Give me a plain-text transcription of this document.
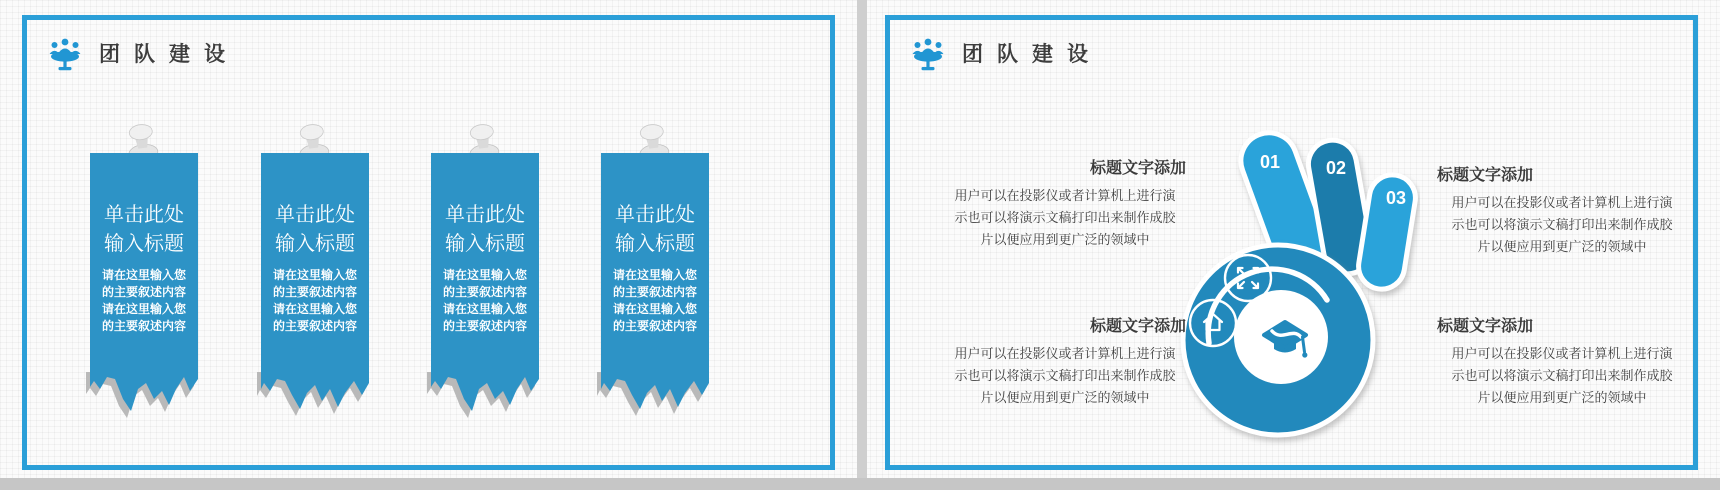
团队建设
单击此处
输入标题
请在这里输入您
的主要叙述内容
请在这里输入您
的主要叙述内容
单击此处
输入标题
请在这里输入您
的主要叙述内容
请在这里输入您
的主要叙述内容
单击此处
输入标题
请在这里输入您
的主要叙述内容
请在这里输入您
的主要叙述内容
单击此处
输入标题
请在这里输入您
的主要叙述内容
请在这里输入您
的主要叙述内容
团队建设
01	02
03
标题文字添加
用户可以在投影仪或者计算机上进行演
示也可以将演示文稿打印出来制作成胶
片以便应用到更广泛的领域中
标题文字添加
用户可以在投影仪或者计算机上进行演
示也可以将演示文稿打印出来制作成胶
片以便应用到更广泛的领域中
标题文字添加
用户可以在投影仪或者计算机上进行演
示也可以将演示文稿打印出来制作成胶
片以便应用到更广泛的领域中
标题文字添加
用户可以在投影仪或者计算机上进行演
示也可以将演示文稿打印出来制作成胶
片以便应用到更广泛的领域中
